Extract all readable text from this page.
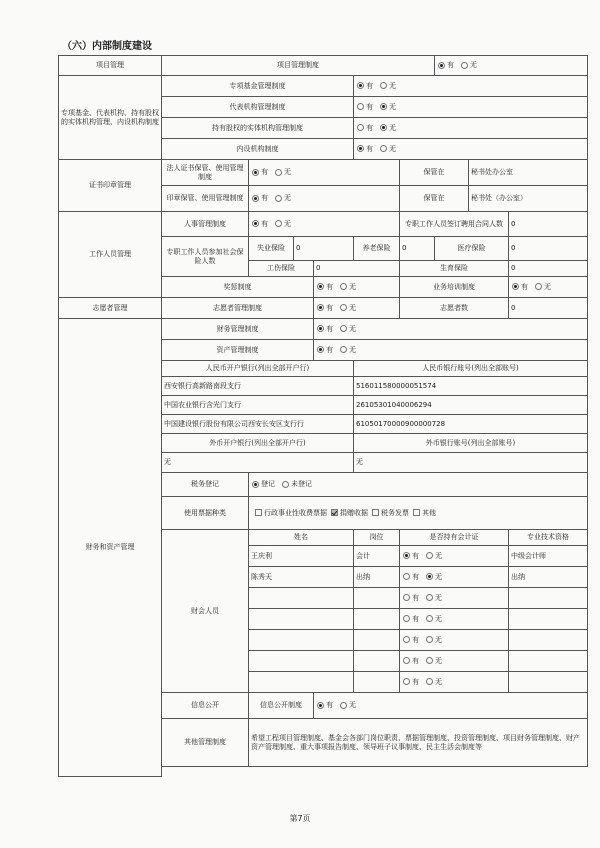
（六）内部制度建设
项目管理	项目管理制度						有 无		
专项基金、代表机构、持有股权的实体机构管理、内设机构制度	专项基金管理制度				有 无				
	代表机构管理制度				有 无				
	持有股权的实体机构管理制度				有 无				
	内设机构制度				有 无				
证书印章管理	法人证书保管、使用管理制度	有 无				保管在		秘书处办公室	
	印章保管、使用管理制度	有 无				保管在		秘书处（办公室）	
工作人员管理	人事管理制度	有 无				专职工作人员签订聘用合同人数			0
	专职工作人员参加社会保险人数	失业保险	0		养老保险	0	医疗保险		0
		工伤保险		0		生育保险			0
	奖惩制度			有 无		业务培训制度			有 无
志愿者管理	志愿者管理制度			有 无		志愿者数			0
财务和资产管理	财务管理制度			有 无					
	资产管理制度			有 无					
	人民币开户银行(列出全部开户行)				人民币银行账号(列出全部账号)				
	西安银行高新路南段支行				516011580000051574				
	中国农业银行含光门支行				26105301040006294				
	中国建设银行股份有限公司西安长安区支行行				61050170000900000728				
	外币开户银行(列出全部开户行)				外币银行账号(列出全部账号)				
	无				无				
	税务登记	登记 未登记							
	使用票据种类	行政事业性收费票据 捐赠收据 税务发票 其他							
	财会人员	姓名			岗位	是否持有会计证			专业技术资格
		王庆利			会计	有 无			中级会计师
		陈秀天			出纳	有 无			出纳
						有 无			
						有 无			
						有 无			
						有 无			
						有 无			
	信息公开	信息公开制度		有 无					
	其他管理制度	希望工程项目管理制度、基金会各部门岗位职责、票据管理制度、投资管理制度、项目财务管理制度、财产资产管理制度、重大事项报告制度、领导班子议事制度、民主生活会制度等							

第7页
